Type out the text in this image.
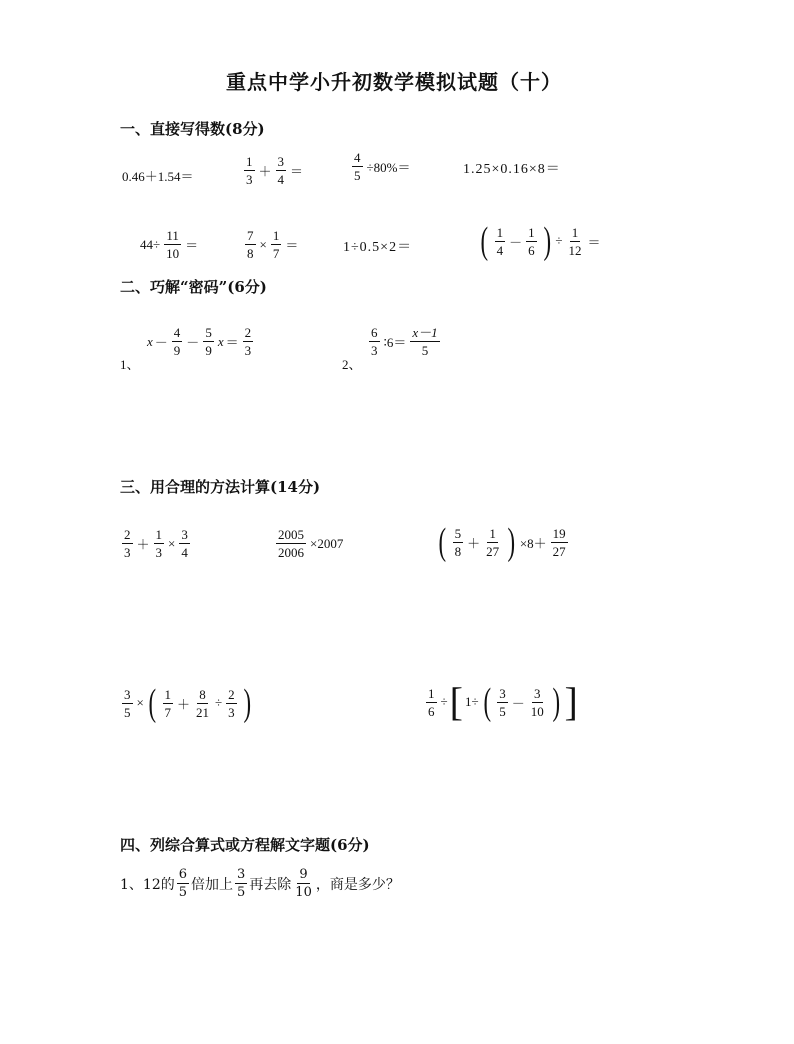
重点中学小升初数学模拟试题（十）
一、直接写得数(8分)
0.46＋1.54＝	$\frac{1}{3} + \frac{3}{4}$ ＝	$\frac{4}{5} \div 80\%=$	1.25×0.16×8＝
$44\div \frac{11}{10}$ ＝	$\frac{7}{8} \times \frac{1}{7}$ ＝	1÷0.5×2＝ ( $\frac{1}{4} - \frac{1}{6}$ ) ÷ $\frac{1}{12}$ ＝
二、巧解“密码”(6分)
1、
$x - \frac{4}{9} - \frac{5}{9}$ $x = \frac{2}{3}$
2、
$\frac{6}{3}$ ∶6＝ $\frac{x-1}{5}$
三、用合理的方法计算(14分)
$\frac{2}{3} + \frac{1}{3} \times \frac{3}{4}$	$\frac{2005}{2006} \times 2007$	( $\frac{5}{8} + \frac{1}{27}$ ) $\times 8+ \frac{19}{27}$
$\frac{3}{5}$ × ( $\frac{1}{7} + \frac{8}{21} \div \frac{2}{3}$ )	$\frac{1}{6}$ ÷ [ 1÷ ( $\frac{3}{5} - \frac{3}{10}$ ) ]
四、列综合算式或方程解文字题(6分)
1、12的 $\frac{6}{5}$ 倍加上 $\frac{3}{5}$ 再去除 $\frac{9}{10}$ ，商是多少？
